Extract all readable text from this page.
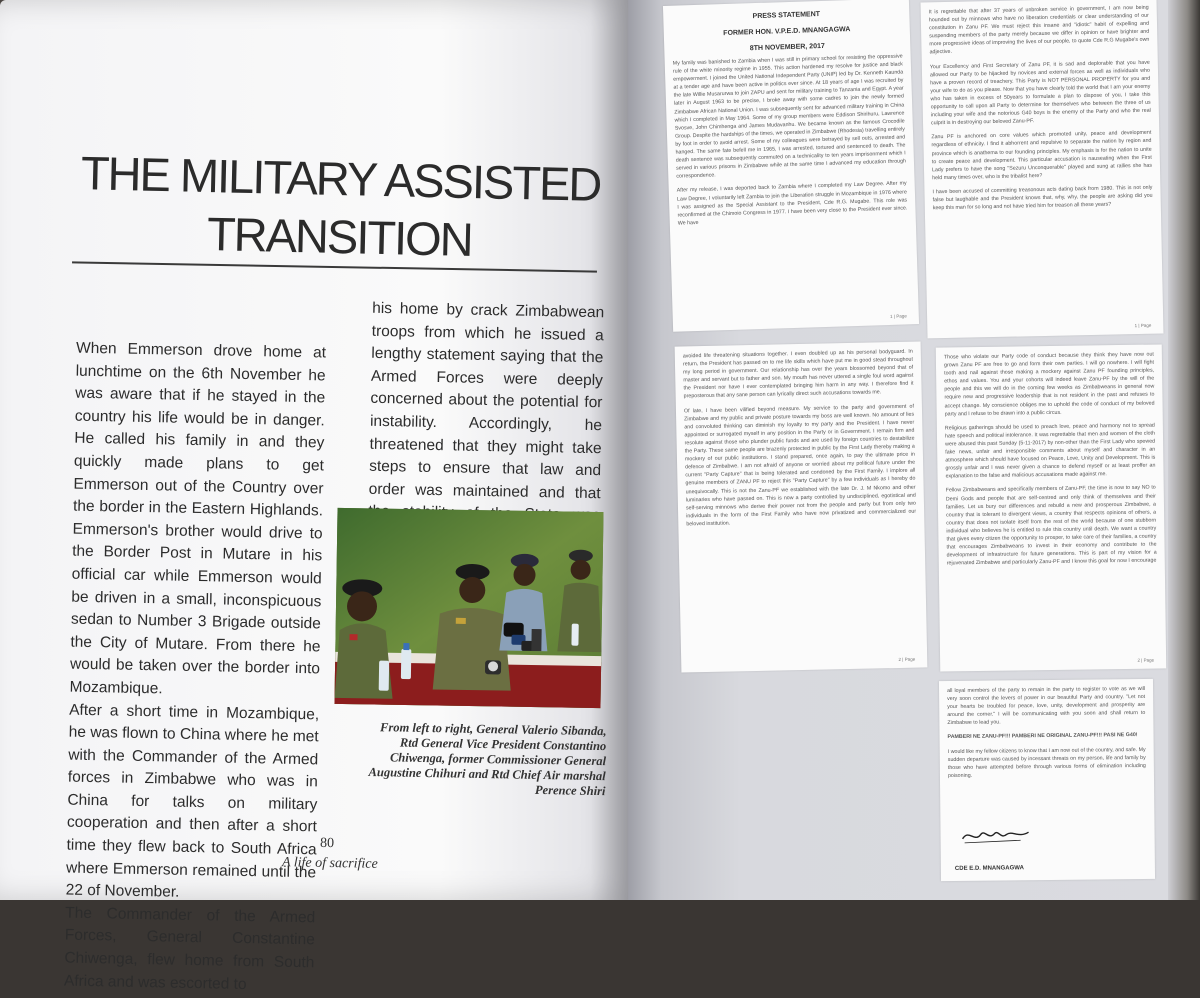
THE MILITARY ASSISTED
TRANSITION

When Emmerson drove home at lunchtime on the 6th November he was aware that if he stayed in the country his life would be in danger. He called his family in and they quickly made plans to get Emmerson out of the Country over the border in the Eastern Highlands. Emmerson's brother would drive to the Border Post in Mutare in his official car while Emmerson would be driven in a small, inconspicuous sedan to Number 3 Brigade outside the City of Mutare. From there he would be taken over the border into Mozambique.

After a short time in Mozambique, he was flown to China where he met with the Commander of the Armed forces in Zimbabwe who was in China for talks on military cooperation and then after a short time they flew back to South Africa where Emmerson remained until the 22 of November.

The Commander of the Armed Forces, General Constantine Chiwenga, flew home from South Africa and was escorted to

his home by crack Zimbabwean troops from which he issued a lengthy statement saying that the Armed Forces were deeply concerned about the potential for instability. Accordingly, he threatened that they might take steps to ensure that law and order was maintained and that

From left to right, General Valerio Sibanda, Rtd General Vice President Constantino Chiwenga, former Commissioner General Augustine Chihuri and Rtd Chief Air marshal Perence Shiri
80
A life of sacrifice
PRESS STATEMENT
FORMER HON. V.P.E.D. MNANGAGWA
8TH NOVEMBER, 2017

My family was banished to Zambia when I was still in primary school for resisting the oppressive rule of the white minority regime in 1955. This action hardened my resolve for justice and black empowerment. I joined the United National Independent Party (UNIP) led by Dr. Kenneth Kaunda at a tender age and have been active in politics ever since. At 18 years of age I was recruited by the late Willie Musarurwa to join ZAPU and sent for military training to Tanzania and Egypt. A year later in August 1963 to be precise, I broke away with some cadres to join the newly formed Zimbabwe African National Union. I was subsequently sent for advanced military training in China which I completed in May 1964. Some of my group members were Eddison Shirihuru, Lawrence Svosve, John Chimhenga and James Mudavanhu. We became known as the famous Crocodile Group. Despite the hardships of the times, we operated in Zimbabwe (Rhodesia) travelling entirely by foot in order to avoid arrest. Some of my colleagues were betrayed by sell outs, arrested and hanged. The same fate befell me in 1965, I was arrested, tortured and sentenced to death. The death sentence was subsequently commuted on a technicality to ten years imprisonment which I served in various prisons in Zimbabwe while at the same time I advanced my education through correspondence.

After my release, I was deported back to Zambia where I completed my Law Degree. After my Law Degree, I voluntarily left Zambia to join the Liberation struggle in Mozambique in 1976 where I was assigned as the Special Assistant to the President, Cde R.G. Mugabe. This role was reconfirmed at the Chimoio Congress in 1977. I have been very close to the President ever since. We have

1 | Page

It is regrettable that after 37 years of unbroken service in government, I am now being hounded out by minnows who have no liberation credentials or clear understanding of our constitution in Zanu PF. We must reject this insane and "idiotic" habit of expelling and suspending members of the party merely because we differ in opinion or have brighter and more progressive ideas of improving the lives of our people, to quote Cde R.G Mugabe's own adjective.

Your Excellency and First Secretary of Zanu PF, it is sad and deplorable that you have allowed our Party to be hijacked by novices and external forces as well as individuals who have a proven record of treachery. This Party is NOT PERSONAL PROPERTY for you and your wife to do as you please. Now that you have clearly told the world that I am your enemy who has taken in excess of 50years to formulate a plan to dispose of you, I take this opportunity to call upon all Party to determine for themselves who between the three of us including your wife and the notorious G40 boys is the enemy of the Party and who the real culprit is in destroying our beloved Zanu-PF.

Zanu PF is anchored on core values which promoted unity, peace and development regardless of ethnicity. I find it abhorrent and repulsive to separate the nation by region and province which is anathema to our founding principles. My emphasis is for the nation to unite to create peace and development. This particular accusation is nauseating when the First Lady prefers to have the song "Sezuru Unconquerable" played and sung at rallies she has held many times over, who is the tribalist here?

I have been accused of committing treasonous acts dating back from 1980. This is not only false but laughable and the President knows that, why, why, the people are asking did you keep this man for so long and not have tried him for treason all these years?

1 | Page

avoided life threatening situations together. I even doubled up as his personal bodyguard. In return, the President has passed on to me life skills which have put me in good stead throughout my long period in government. Our relationship has over the years blossomed beyond that of master and servant but to father and son. My mouth has never uttered a single foul word against the President nor have I ever contemplated bringing him harm in any way. I therefore find it preposterous that any sane person can lyrically direct such accusations towards me.

Of late, I have been vilified beyond measure. My service to the party and government of Zimbabwe and my public and private posture towards my boss are well known. No amount of lies and convoluted thinking can diminish my loyalty to my party and the President. I have never appointed or surrogated myself in any position in the Party or in Government. I remain firm and resolute against those who plunder public funds and are used by foreign countries to destabilize the Party. These same people are brazenly protected in public by the First Lady thereby making a mockery of our public institutions. I stand prepared, once again, to pay the ultimate price in defence of Zimbabwe. I am not afraid of anyone or worried about my political future under the current "Party Capture" that is being tolerated and condoned by the First Family. I implore all genuine members of ZANU PF to reject this "Party Capture" by a few individuals as I hereby do unequivocally. This is not the Zanu-PF we established with the late Dr. J. M Nkomo and other luminaries who have passed on. This is now a party controlled by undisciplined, egotistical and self-serving minnows who derive their power not from the people and party but from only two individuals in the form of the First Family who have now privatized and commercialized our beloved institution.

2 | Page

Those who violate our Party code of conduct because they think they have now out grown Zanu PF are free to go and form their own parties. I will go nowhere. I will fight tooth and nail against those making a mockery against Zanu PF founding principles, ethos and values. You and your cohorts will indeed leave Zanu-PF by the will of the people and this we will do in the coming few weeks as Zimbabweans in general now require new and progressive leadership that is not resident in the past and refuses to accept change. My conscience obliges me to uphold the code of conduct of my beloved party and I refuse to be drawn into a public circus.

Religious gatherings should be used to preach love, peace and harmony not to spread hate speech and political intolerance. It was regrettable that men and women of the cloth were abused this past Sunday (5-11-2017) by non-other than the First Lady who spewed fake news, unfair and irresponsible comments about myself and character in an atmosphere which should have focused on Peace, Love, Unity and Development. This is grossly unfair and I was never given a chance to defend myself or at least proffer an explanation to the false and malicious accusations made against me.

Fellow Zimbabweans and specifically members of Zanu-PF, the time is now to say NO to Demi Gods and people that are self-centred and only think of themselves and their families. Let us bury our differences and rebuild a new and prosperous Zimbabwe, a country that is tolerant to divergent views, a country that respects opinions of others, a country that does not isolate itself from the rest of the world because of one stubborn individual who believes he is entitled to rule this country until death. We want a country that gives every citizen the opportunity to prosper, to take care of their families, a country that encourages Zimbabweans to invest in their economy and contribute to the development of infrastructure for future generations. This is part of my vision for a rejuvenated Zimbabwe and particularly Zanu-PF and I know this goal for now I encourage

2 | Page

all loyal members of the party to remain in the party to register to vote as we will very soon control the levers of power in our beautiful Party and country. "Let not your hearts be troubled for peace, love, unity, development and prosperity are around the corner." I will be communicating with you soon and shall return to Zimbabwe to lead you.

PAMBERI NE ZANU-PF!!! PAMBERI NE ORIGINAL ZANU-PF!!! PASI NE G40!

I would like my fellow citizens to know that I am now out of the country, and safe. My sudden departure was caused by incessant threats on my person, life and family by those who have attempted before through various forms of elimination including poisoning.

CDE E.D. MNANGAGWA
